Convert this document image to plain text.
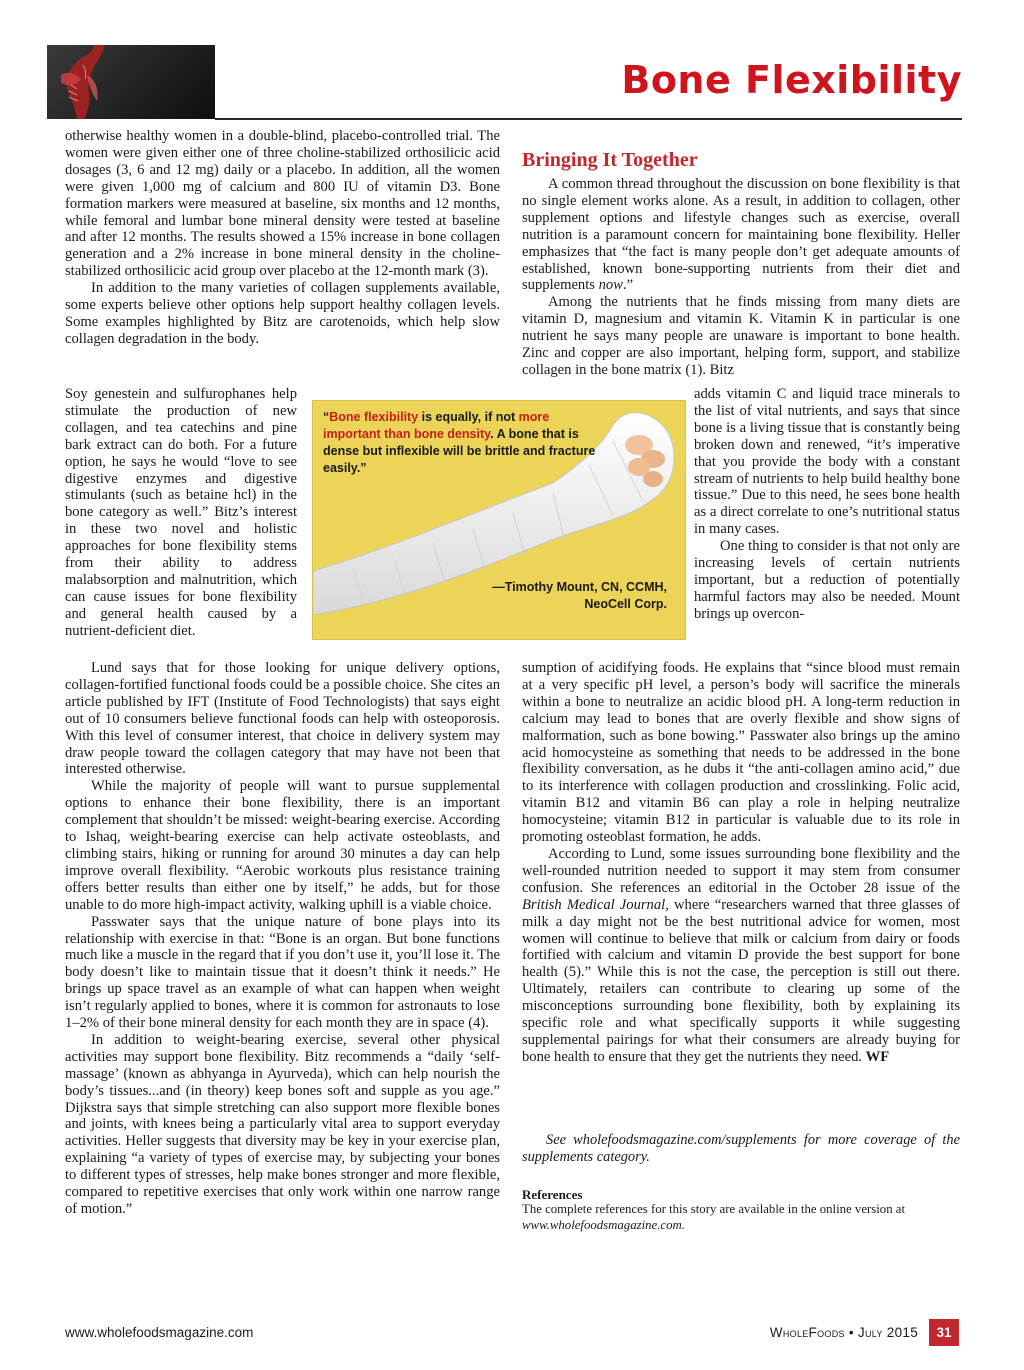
Bone Flexibility

otherwise healthy women in a double-blind, placebo-controlled trial. The women were given either one of three choline-stabilized orthosilicic acid dosages (3, 6 and 12 mg) daily or a placebo. In addition, all the women were given 1,000 mg of calcium and 800 IU of vitamin D3. Bone formation markers were measured at baseline, six months and 12 months, while femoral and lumbar bone mineral density were tested at baseline and after 12 months. The results showed a 15% increase in bone collagen generation and a 2% increase in bone mineral density in the choline-stabilized orthosilicic acid group over placebo at the 12-month mark (3).

In addition to the many varieties of collagen supplements available, some experts believe other options help support healthy collagen levels. Some examples highlighted by Bitz are carotenoids, which help slow collagen degradation in the body.

Bringing It Together

A common thread throughout the discussion on bone flexibility is that no single element works alone. As a result, in addition to collagen, other supplement options and lifestyle changes such as exercise, overall nutrition is a paramount concern for maintaining bone flexibility. Heller emphasizes that “the fact is many people don’t get adequate amounts of established, known bone-supporting nutrients from their diet and supplements now.”

Among the nutrients that he finds missing from many diets are vitamin D, magnesium and vitamin K. Vitamin K in particular is one nutrient he says many people are unaware is important to bone health. Zinc and copper are also important, helping form, support, and stabilize collagen in the bone matrix (1). Bitz

Soy genestein and sulfurophanes help stimulate the production of new collagen, and tea catechins and pine bark extract can do both. For a future option, he says he would “love to see digestive enzymes and digestive stimulants (such as betaine hcl) in the bone category as well.” Bitz’s interest in these two novel and holistic approaches for bone flexibility stems from their ability to address malabsorption and malnutrition, which can cause issues for bone flexibility and general health caused by a nutrient-deficient diet.

adds vitamin C and liquid trace minerals to the list of vital nutrients, and says that since bone is a living tissue that is constantly being broken down and renewed, “it’s imperative that you provide the body with a constant stream of nutrients to help build healthy bone tissue.” Due to this need, he sees bone health as a direct correlate to one’s nutritional status in many cases.

One thing to consider is that not only are increasing levels of certain nutrients important, but a reduction of potentially harmful factors may also be needed. Mount brings up overcon-

“Bone flexibility is equally, if not more important than bone density. A bone that is dense but inflexible will be brittle and fracture easily.”
—Timothy Mount, CN, CCMH,
NeoCell Corp.

Lund says that for those looking for unique delivery options, collagen-fortified functional foods could be a possible choice. She cites an article published by IFT (Institute of Food Technologists) that says eight out of 10 consumers believe functional foods can help with osteoporosis. With this level of consumer interest, that choice in delivery system may draw people toward the collagen category that may have not been that interested otherwise.

While the majority of people will want to pursue supplemental options to enhance their bone flexibility, there is an important complement that shouldn’t be missed: weight-bearing exercise. According to Ishaq, weight-bearing exercise can help activate osteoblasts, and climbing stairs, hiking or running for around 30 minutes a day can help improve overall flexibility. “Aerobic workouts plus resistance training offers better results than either one by itself,” he adds, but for those unable to do more high-impact activity, walking uphill is a viable choice.

Passwater says that the unique nature of bone plays into its relationship with exercise in that: “Bone is an organ. But bone functions much like a muscle in the regard that if you don’t use it, you’ll lose it. The body doesn’t like to maintain tissue that it doesn’t think it needs.” He brings up space travel as an example of what can happen when weight isn’t regularly applied to bones, where it is common for astronauts to lose 1–2% of their bone mineral density for each month they are in space (4).

In addition to weight-bearing exercise, several other physical activities may support bone flexibility. Bitz recommends a “daily ‘self-massage’ (known as abhyanga in Ayurveda), which can help nourish the body’s tissues...and (in theory) keep bones soft and supple as you age.” Dijkstra says that simple stretching can also support more flexible bones and joints, with knees being a particularly vital area to support everyday activities. Heller suggests that diversity may be key in your exercise plan, explaining “a variety of types of exercise may, by subjecting your bones to different types of stresses, help make bones stronger and more flexible, compared to repetitive exercises that only work within one narrow range of motion.”

sumption of acidifying foods. He explains that “since blood must remain at a very specific pH level, a person’s body will sacrifice the minerals within a bone to neutralize an acidic blood pH. A long-term reduction in calcium may lead to bones that are overly flexible and show signs of malformation, such as bone bowing.” Passwater also brings up the amino acid homocysteine as something that needs to be addressed in the bone flexibility conversation, as he dubs it “the anti-collagen amino acid,” due to its interference with collagen production and crosslinking. Folic acid, vitamin B12 and vitamin B6 can play a role in helping neutralize homocysteine; vitamin B12 in particular is valuable due to its role in promoting osteoblast formation, he adds.

According to Lund, some issues surrounding bone flexibility and the well-rounded nutrition needed to support it may stem from consumer confusion. She references an editorial in the October 28 issue of the British Medical Journal, where “researchers warned that three glasses of milk a day might not be the best nutritional advice for women, most women will continue to believe that milk or calcium from dairy or foods fortified with calcium and vitamin D provide the best support for bone health (5).” While this is not the case, the perception is still out there. Ultimately, retailers can contribute to clearing up some of the misconceptions surrounding bone flexibility, both by explaining its specific role and what specifically supports it while suggesting supplemental pairings for what their consumers are already buying for bone health to ensure that they get the nutrients they need. WF

See wholefoodsmagazine.com/supplements for more coverage of the supplements category.
References
The complete references for this story are available in the online version at www.wholefoodsmagazine.com.
www.wholefoodsmagazine.com	WholeFoods • July 2015	31
